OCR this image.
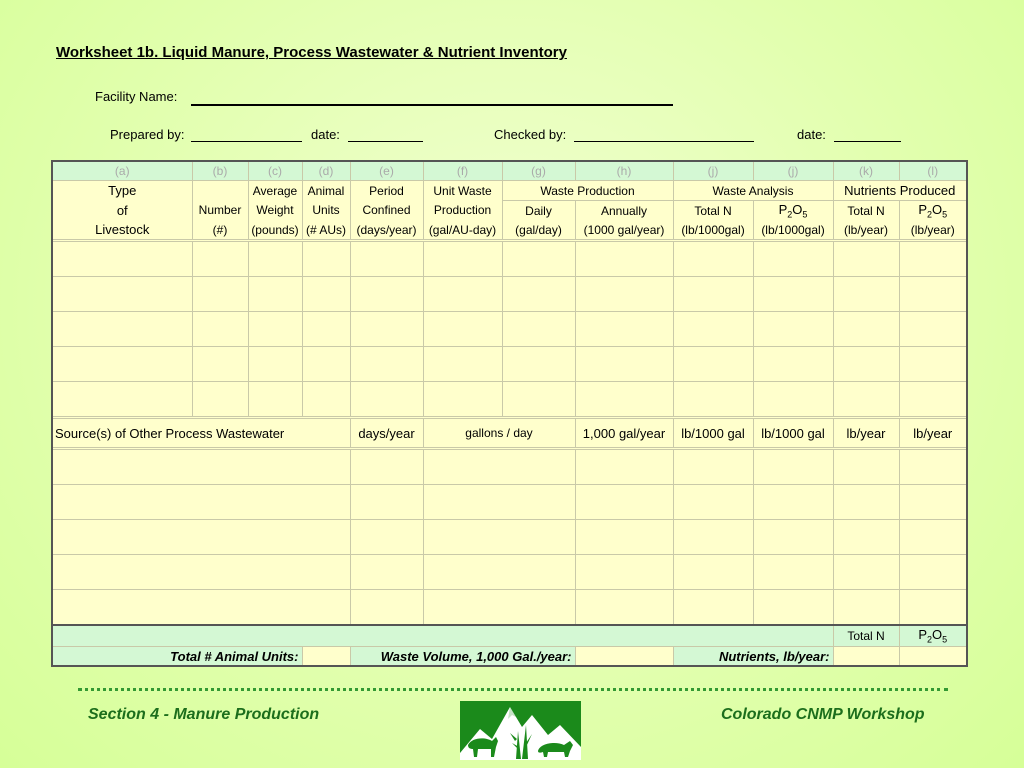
Worksheet 1b. Liquid Manure, Process Wastewater & Nutrient Inventory
Facility Name:
Prepared by:	date:	Checked by:	date:
(a)	(b)	(c)	(d)	(e)	(f)	(g)	(h)	(j)	(j)	(k)	(l)
Type		Average	Animal	Period	Unit Waste	Waste Production		Waste Analysis		Nutrients Produced	
of	Number	Weight	Units	Confined	Production	Daily	Annually	Total N	$P_2O_5$	Total N	$P_2O_5$
Livestock	(#)	(pounds)	(# AUs)	(days/year)	(gal/AU-day)	(gal/day)	(1000 gal/year)	(lb/1000gal)	(lb/1000gal)	(lb/year)	(lb/year)

Source(s) of Other Process Wastewater				days/year	gallons / day		1,000 gal/year	lb/1000 gal	lb/1000 gal	lb/year	lb/year

										Total N	$P_2O_5$
Total # Animal Units:				Waste Volume, 1,000 Gal./year:				Nutrients, lb/year:			
Section 4 - Manure Production	Colorado CNMP Workshop
